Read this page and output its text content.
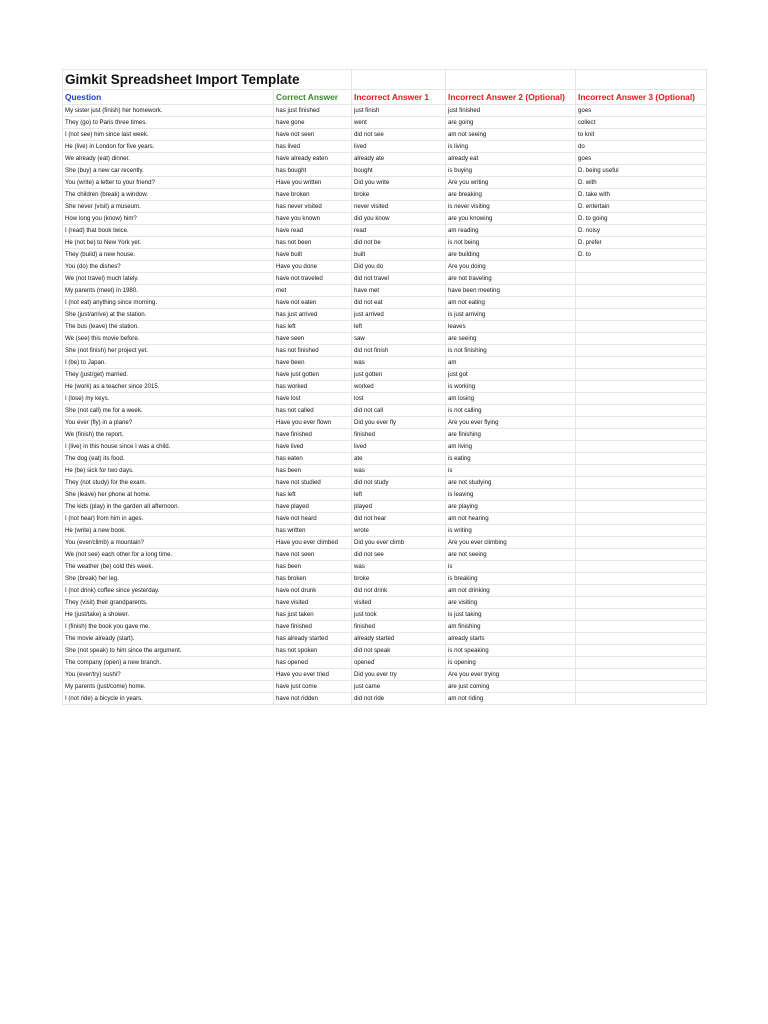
Gimkit Spreadsheet Import Template				
Question	Correct Answer	Incorrect Answer 1	Incorrect Answer 2 (Optional)	Incorrect Answer 3 (Optional)
My sister just (finish) her homework.	has just finished	just finish	just finished	goes
They (go) to Paris three times.	have gone	went	are going	collect
I (not see) him since last week.	have not seen	did not see	am not seeing	to knit
He (live) in London for five years.	has lived	lived	is living	do
We already (eat) dinner.	have already eaten	already ate	already eat	goes
She (buy) a new car recently.	has bought	bought	is buying	D. being useful
You (write) a letter to your friend?	Have you written	Did you write	Are you writing	D. with
The children (break) a window.	have broken	broke	are breaking	D. take with
She never (visit) a museum.	has never visited	never visited	is never visiting	D. entertain
How long you (know) him?	have you known	did you know	are you knowing	D. to going
I (read) that book twice.	have read	read	am reading	D. noisy
He (not be) to New York yet.	has not been	did not be	is not being	D. prefer
They (build) a new house.	have built	built	are building	D. to
You (do) the dishes?	Have you done	Did you do	Are you doing	
We (not travel) much lately.	have not traveled	did not travel	are not traveling	
My parents (meet) in 1980.	met	have met	have been meeting	
I (not eat) anything since morning.	have not eaten	did not eat	am not eating	
She (just/arrive) at the station.	has just arrived	just arrived	is just arriving	
The bus (leave) the station.	has left	left	leaves	
We (see) this movie before.	have seen	saw	are seeing	
She (not finish) her project yet.	has not finished	did not finish	is not finishing	
I (be) to Japan.	have been	was	am	
They (just/get) married.	have just gotten	just gotten	just got	
He (work) as a teacher since 2015.	has worked	worked	is working	
I (lose) my keys.	have lost	lost	am losing	
She (not call) me for a week.	has not called	did not call	is not calling	
You ever (fly) in a plane?	Have you ever flown	Did you ever fly	Are you ever flying	
We (finish) the report.	have finished	finished	are finishing	
I (live) in this house since I was a child.	have lived	lived	am living	
The dog (eat) its food.	has eaten	ate	is eating	
He (be) sick for two days.	has been	was	is	
They (not study) for the exam.	have not studied	did not study	are not studying	
She (leave) her phone at home.	has left	left	is leaving	
The kids (play) in the garden all afternoon.	have played	played	are playing	
I (not hear) from him in ages.	have not heard	did not hear	am not hearing	
He (write) a new book.	has written	wrote	is writing	
You (ever/climb) a mountain?	Have you ever climbed	Did you ever climb	Are you ever climbing	
We (not see) each other for a long time.	have not seen	did not see	are not seeing	
The weather (be) cold this week.	has been	was	is	
She (break) her leg.	has broken	broke	is breaking	
I (not drink) coffee since yesterday.	have not drunk	did not drink	am not drinking	
They (visit) their grandparents.	have visited	visited	are visiting	
He (just/take) a shower.	has just taken	just took	is just taking	
I (finish) the book you gave me.	have finished	finished	am finishing	
The movie already (start).	has already started	already started	already starts	
She (not speak) to him since the argument.	has not spoken	did not speak	is not speaking	
The company (open) a new branch.	has opened	opened	is opening	
You (ever/try) sushi?	Have you ever tried	Did you ever try	Are you ever trying	
My parents (just/come) home.	have just come	just came	are just coming	
I (not ride) a bicycle in years.	have not ridden	did not ride	am not riding	
